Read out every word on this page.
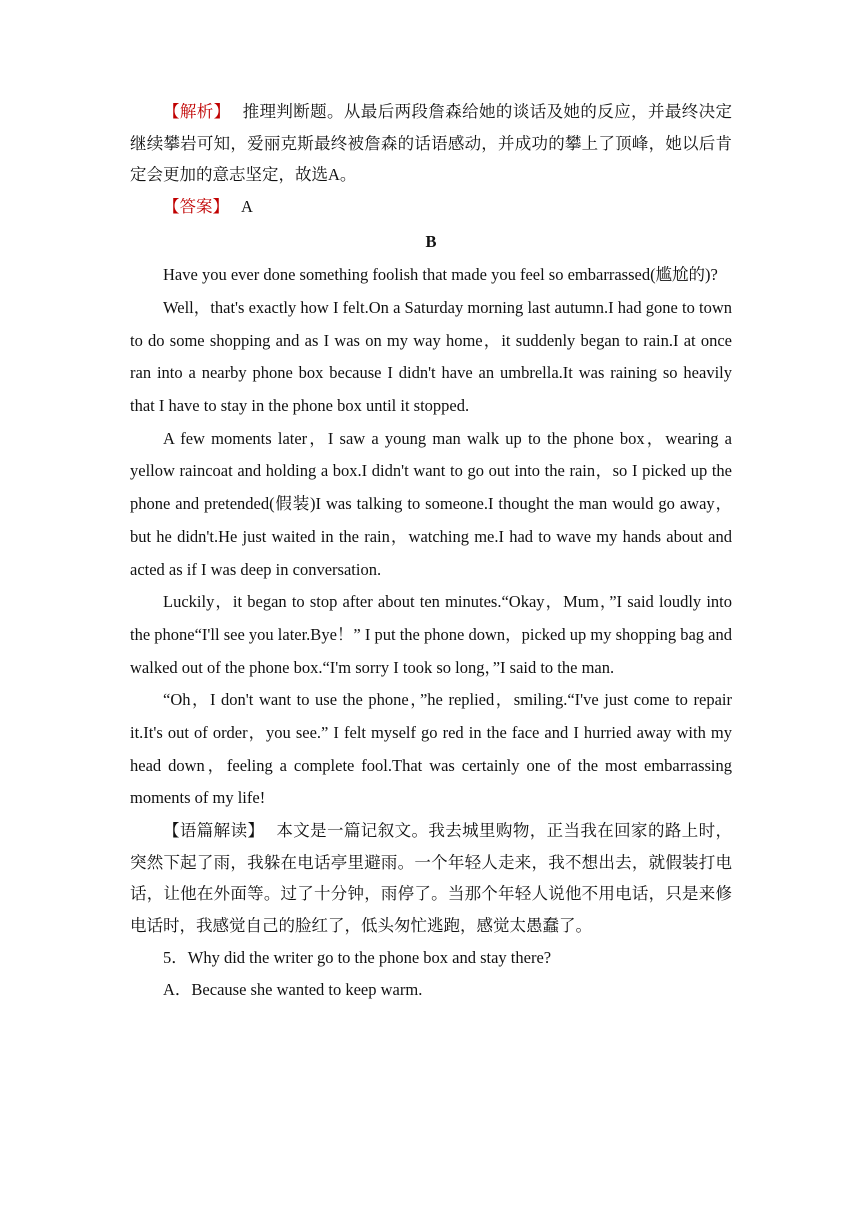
【解析】 推理判断题。从最后两段詹森给她的谈话及她的反应，并最终决定继续攀岩可知，爱丽克斯最终被詹森的话语感动，并成功的攀上了顶峰，她以后肯定会更加的意志坚定，故选A。

【答案】 A

B

Have you ever done something foolish that made you feel so embarrassed(尴尬的)?

Well，that's exactly how I felt.On a Saturday morning last autumn.I had gone to town to do some shopping and as I was on my way home，it suddenly began to rain.I at once ran into a nearby phone box because I didn't have an umbrella.It was raining so heavily that I have to stay in the phone box until it stopped.

A few moments later，I saw a young man walk up to the phone box，wearing a yellow raincoat and holding a box.I didn't want to go out into the rain，so I picked up the phone and pretended(假装)I was talking to someone.I thought the man would go away，but he didn't.He just waited in the rain，watching me.I had to wave my hands about and acted as if I was deep in conversation.

Luckily，it began to stop after about ten minutes.“Okay，Mum，”I said loudly into the phone“I'll see you later.Bye！” I put the phone down，picked up my shopping bag and walked out of the phone box.“I'm sorry I took so long，”I said to the man.

“Oh，I don't want to use the phone，”he replied，smiling.“I've just come to repair it.It's out of order，you see.” I felt myself go red in the face and I hurried away with my head down，feeling a complete fool.That was certainly one of the most embarrassing moments of my life!

【语篇解读】 本文是一篇记叙文。我去城里购物，正当我在回家的路上时，突然下起了雨，我躲在电话亭里避雨。一个年轻人走来，我不想出去，就假装打电话，让他在外面等。过了十分钟，雨停了。当那个年轻人说他不用电话，只是来修电话时，我感觉自己的脸红了，低头匆忙逃跑，感觉太愚蠢了。

5．Why did the writer go to the phone box and stay there?

A．Because she wanted to keep warm.
